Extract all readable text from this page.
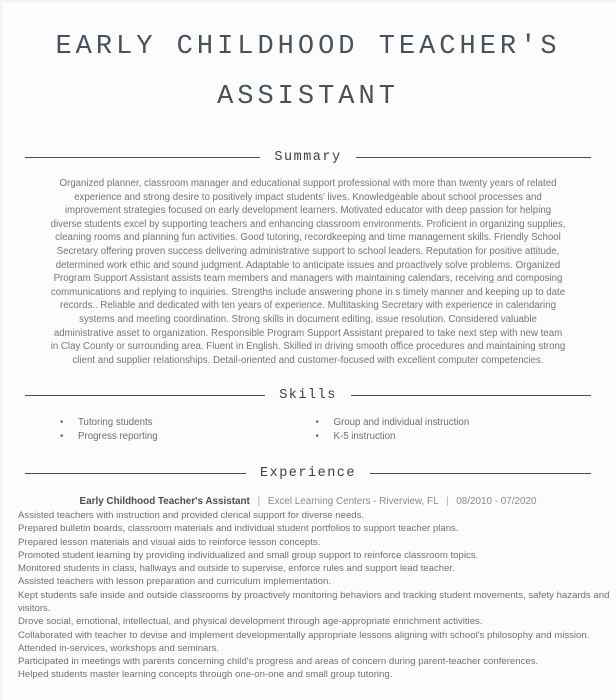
EARLY CHILDHOOD TEACHER'S ASSISTANT
Summary

Organized planner, classroom manager and educational support professional with more than twenty years of related experience and strong desire to positively impact students' lives. Knowledgeable about school processes and improvement strategies focused on early development learners. Motivated educator with deep passion for helping diverse students excel by supporting teachers and enhancing classroom environments. Proficient in organizing supplies, cleaning rooms and planning fun activities. Good tutoring, recordkeeping and time management skills. Friendly School Secretary offering proven success delivering administrative support to school leaders. Reputation for positive attitude, determined work ethic and sound judgment. Adaptable to anticipate issues and proactively solve problems. Organized Program Support Assistant assists team members and managers with maintaining calendars, receiving and composing communications and replying to inquiries. Strengths include answering phone in s timely manner and keeping up to date records.. Reliable and dedicated with ten years of experience. Multitasking Secretary with experience in calendaring systems and meeting coordination. Strong skills in document editing, issue resolution. Considered valuable administrative asset to organization. Responsible Program Support Assistant prepared to take next step with new team in Clay County or surrounding area. Fluent in English. Skilled in driving smooth office procedures and maintaining strong client and supplier relationships. Detail-oriented and customer-focused with excellent computer competencies.

Skills
•	Tutoring students
•	Progress reporting
•	Group and individual instruction
•	K-5 instruction
Experience
Early Childhood Teacher's Assistant | Excel Learning Centers - Riverview, FL | 08/2010 - 07/2020
Assisted teachers with instruction and provided clerical support for diverse needs.
Prepared bulletin boards, classroom materials and individual student portfolios to support teacher plans.
Prepared lesson materials and visual aids to reinforce lesson concepts.
Promoted student learning by providing individualized and small group support to reinforce classroom topics.
Monitored students in class, hallways and outside to supervise, enforce rules and support lead teacher.
Assisted teachers with lesson preparation and curriculum implementation.
Kept students safe inside and outside classrooms by proactively monitoring behaviors and tracking student movements, safety hazards and visitors.
Drove social, emotional, intellectual, and physical development through age-appropriate enrichment activities.
Collaborated with teacher to devise and implement developmentally appropriate lessons aligning with school's philosophy and mission.
Attended in-services, workshops and seminars.
Participated in meetings with parents concerning child's progress and areas of concern during parent-teacher conferences.
Helped students master learning concepts through one-on-one and small group tutoring.
